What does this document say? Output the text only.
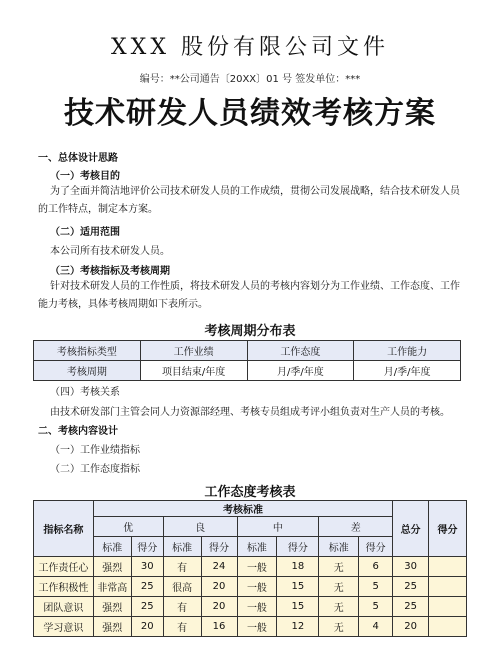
XXX 股份有限公司文件
编号：**公司通告〔20XX〕01 号 签发单位：***
技术研发人员绩效考核方案
一、总体设计思路
（一）考核目的
为了全面并简洁地评价公司技术研发人员的工作成绩，贯彻公司发展战略，结合技术研发人员的工作特点，制定本方案。
（二）适用范围
本公司所有技术研发人员。
（三）考核指标及考核周期
针对技术研发人员的工作性质，将技术研发人员的考核内容划分为工作业绩、工作态度、工作能力考核，具体考核周期如下表所示。
考核周期分布表
考核指标类型	工作业绩	工作态度	工作能力
考核周期	项目结束/年度	月/季/年度	月/季/年度
（四）考核关系
由技术研发部门主管会同人力资源部经理、考核专员组成考评小组负责对生产人员的考核。
二、考核内容设计
（一）工作业绩指标
（二）工作态度指标
工作态度考核表
指标名称	考核标准								总分	得分
	优		良		中		差			
	标准	得分	标准	得分	标准	得分	标准	得分		
工作责任心	强烈	30	有	24	一般	18	无	6	30	
工作积极性	非常高	25	很高	20	一般	15	无	5	25	
团队意识	强烈	25	有	20	一般	15	无	5	25	
学习意识	强烈	20	有	16	一般	12	无	4	20	
